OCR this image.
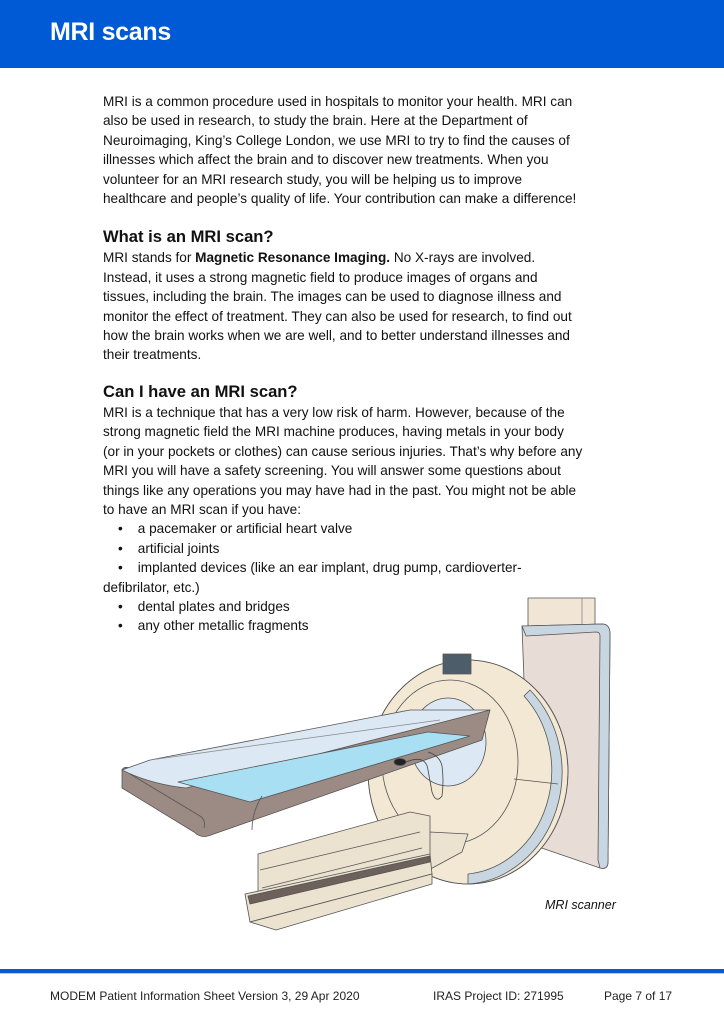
MRI scans

MRI is a common procedure used in hospitals to monitor your health. MRI can also be used in research, to study the brain. Here at the Department of Neuroimaging, King’s College London, we use MRI to try to find the causes of illnesses which affect the brain and to discover new treatments. When you volunteer for an MRI research study, you will be helping us to improve healthcare and people’s quality of life. Your contribution can make a difference!

What is an MRI scan?

MRI stands for Magnetic Resonance Imaging. No X-rays are involved. Instead, it uses a strong magnetic field to produce images of organs and tissues, including the brain. The images can be used to diagnose illness and monitor the effect of treatment. They can also be used for research, to find out how the brain works when we are well, and to better understand illnesses and their treatments.

Can I have an MRI scan?

MRI is a technique that has a very low risk of harm. However, because of the strong magnetic field the MRI machine produces, having metals in your body (or in your pockets or clothes) can cause serious injuries. That’s why before any MRI you will have a safety screening. You will answer some questions about things like any operations you may have had in the past. You might not be able to have an MRI scan if you have:

• a pacemaker or artificial heart valve
• artificial joints
• implanted devices (like an ear implant, drug pump, cardioverter-
defibrilator, etc.)
• dental plates and bridges
• any other metallic fragments
MRI scanner
MODEM Patient Information Sheet Version 3, 29 Apr 2020	IRAS Project ID: 271995	Page 7 of 17
